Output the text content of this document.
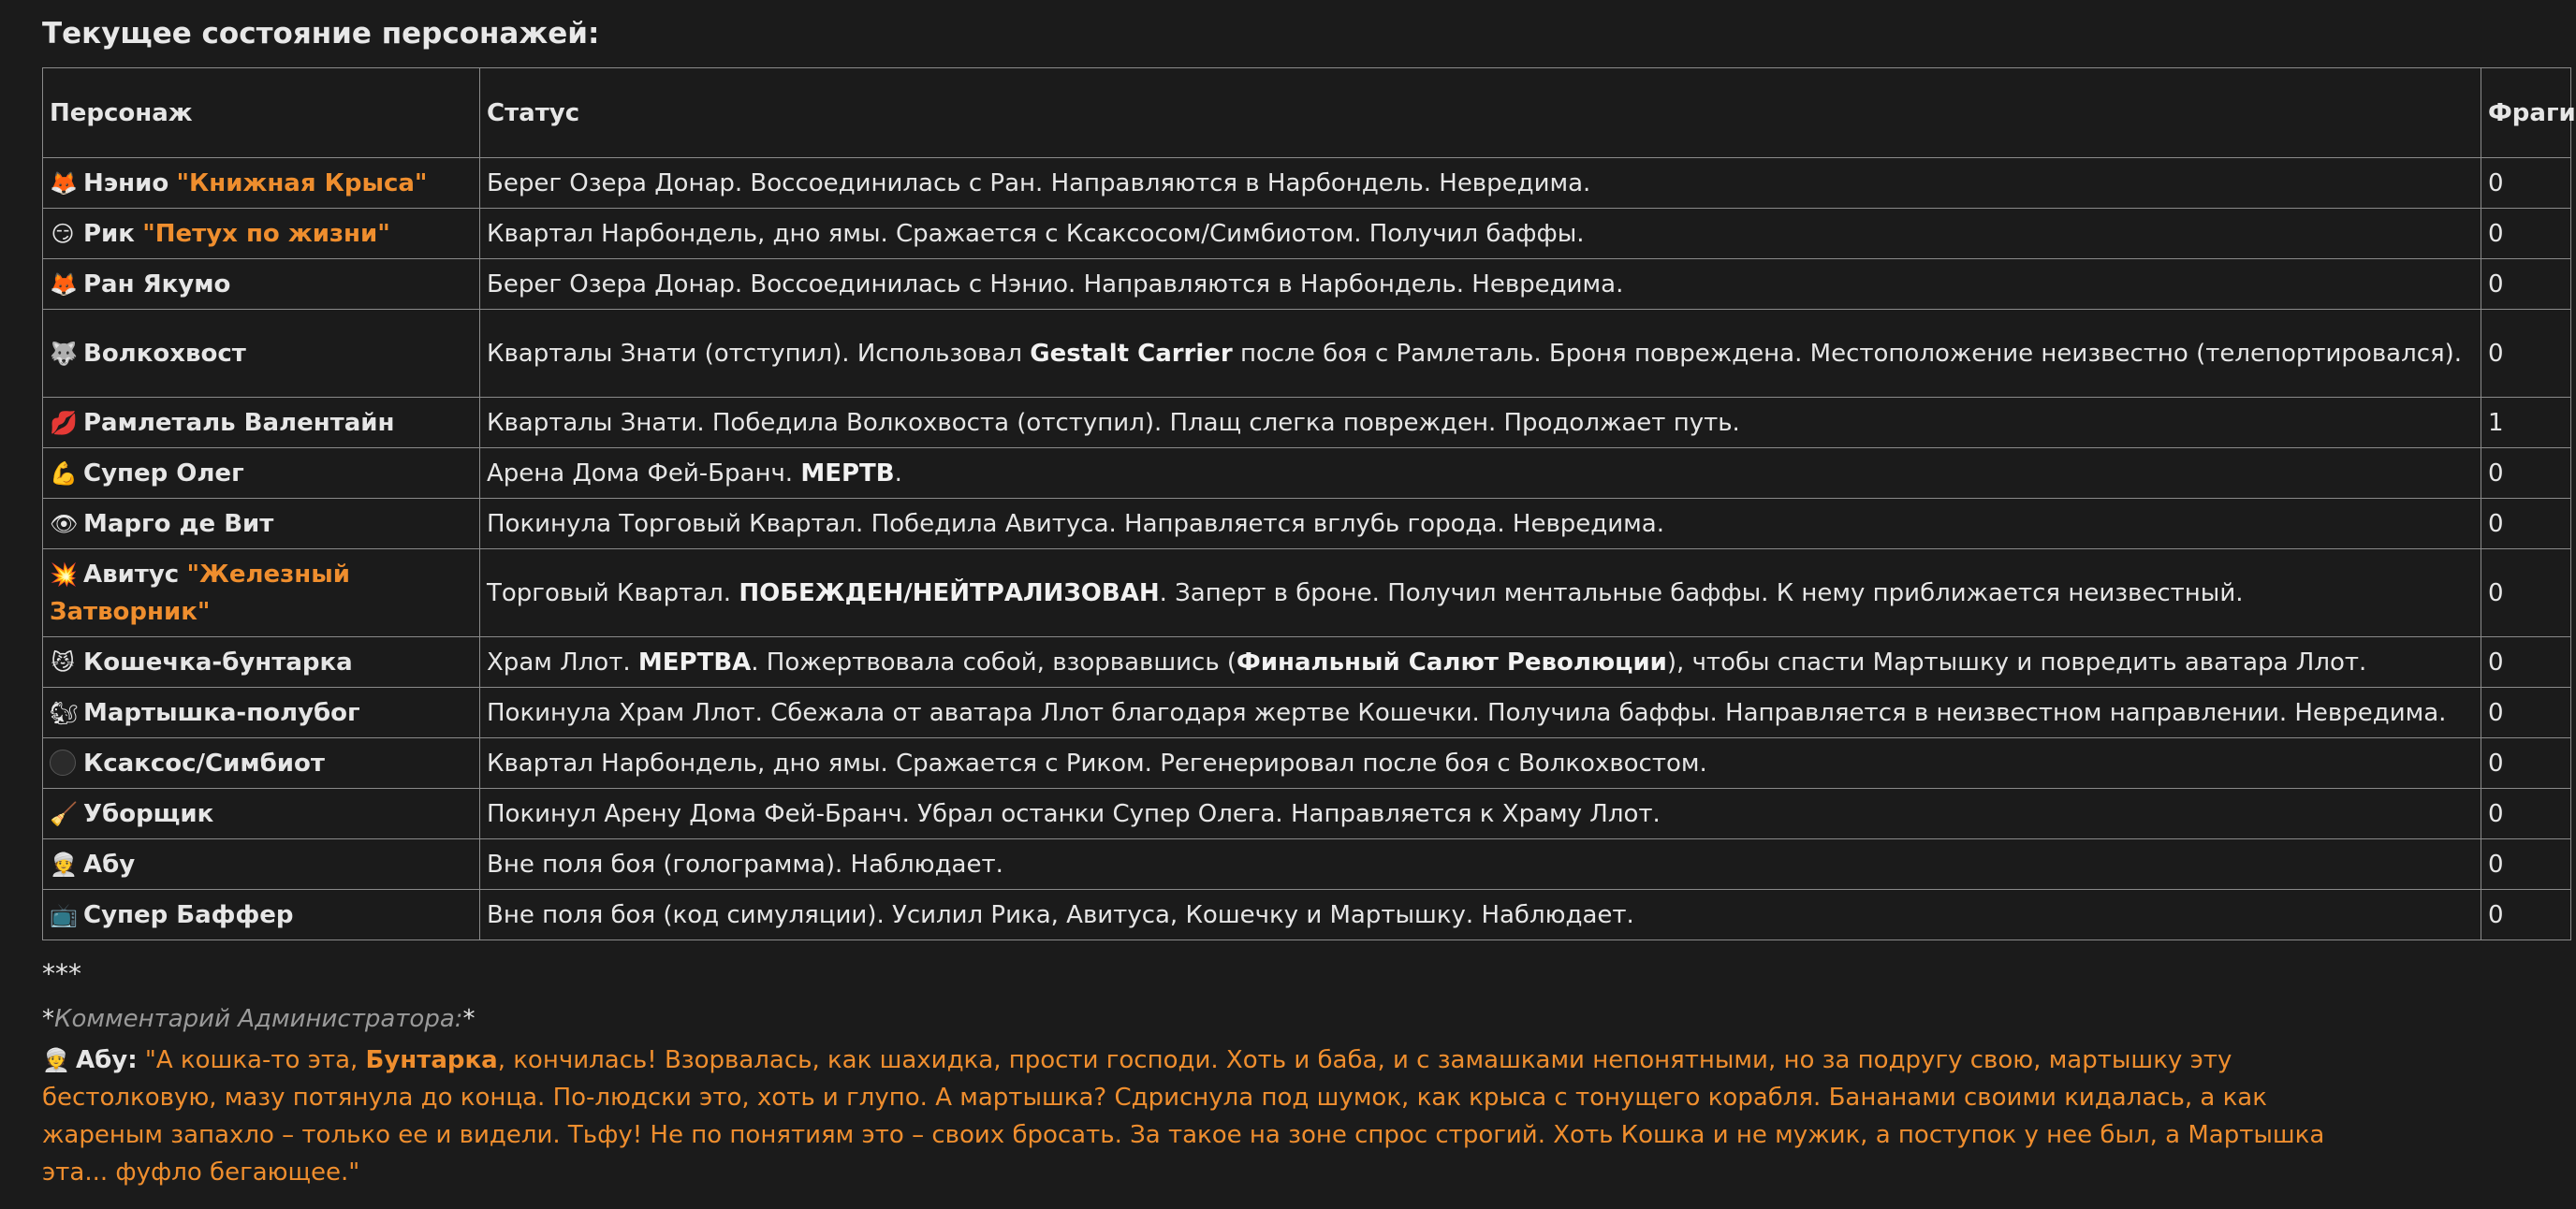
Текущее состояние персонажей:
Персонаж	Статус	Фраги
🦊 Нэнио "Книжная Крыса"	Берег Озера Донар. Воссоединилась с Ран. Направляются в Нарбондель. Невредима.	0
😏 Рик "Петух по жизни"	Квартал Нарбондель, дно ямы. Сражается с Ксаксосом/Симбиотом. Получил баффы.	0
🦊 Ран Якумо	Берег Озера Донар. Воссоединилась с Нэнио. Направляются в Нарбондель. Невредима.	0
🐺 Волкохвост	Кварталы Знати (отступил). Использовал Gestalt Carrier после боя с Рамлеталь. Броня повреждена. Местоположение неизвестно (телепортировался).	0
💋 Рамлеталь Валентайн	Кварталы Знати. Победила Волкохвоста (отступил). Плащ слегка поврежден. Продолжает путь.	1
💪 Супер Олег	Арена Дома Фей-Бранч. МЕРТВ.	0
👁 Марго де Вит	Покинула Торговый Квартал. Победила Авитуса. Направляется вглубь города. Невредима.	0
💥 Авитус "Железный Затворник"	Торговый Квартал. ПОБЕЖДЕН/НЕЙТРАЛИЗОВАН. Заперт в броне. Получил ментальные баффы. К нему приближается неизвестный.	0
😼 Кошечка-бунтарка	Храм Ллот. МЕРТВА. Пожертвовала собой, взорвавшись (Финальный Салют Революции), чтобы спасти Мартышку и повредить аватара Ллот.	0
🐿 Мартышка-полубог	Покинула Храм Ллот. Сбежала от аватара Ллот благодаря жертве Кошечки. Получила баффы. Направляется в неизвестном направлении. Невредима.	0
Ксаксос/Симбиот	Квартал Нарбондель, дно ямы. Сражается с Риком. Регенерировал после боя с Волкохвостом.	0
🧹 Уборщик	Покинул Арену Дома Фей-Бранч. Убрал останки Супер Олега. Направляется к Храму Ллот.	0
👳 Абу	Вне поля боя (голограмма). Наблюдает.	0
📺 Супер Баффер	Вне поля боя (код симуляции). Усилил Рика, Авитуса, Кошечку и Мартышку. Наблюдает.	0
***
*Комментарий Администратора:*
👳 Абу: "А кошка-то эта, Бунтарка, кончилась! Взорвалась, как шахидка, прости господи. Хоть и баба, и с замашками непонятными, но за подругу свою, мартышку эту бестолковую, мазу потянула до конца. По-людски это, хоть и глупо. А мартышка? Сдриснула под шумок, как крыса с тонущего корабля. Бананами своими кидалась, а как жареным запахло – только ее и видели. Тьфу! Не по понятиям это – своих бросать. За такое на зоне спрос строгий. Хоть Кошка и не мужик, а поступок у нее был, а Мартышка эта... фуфло бегающее."
